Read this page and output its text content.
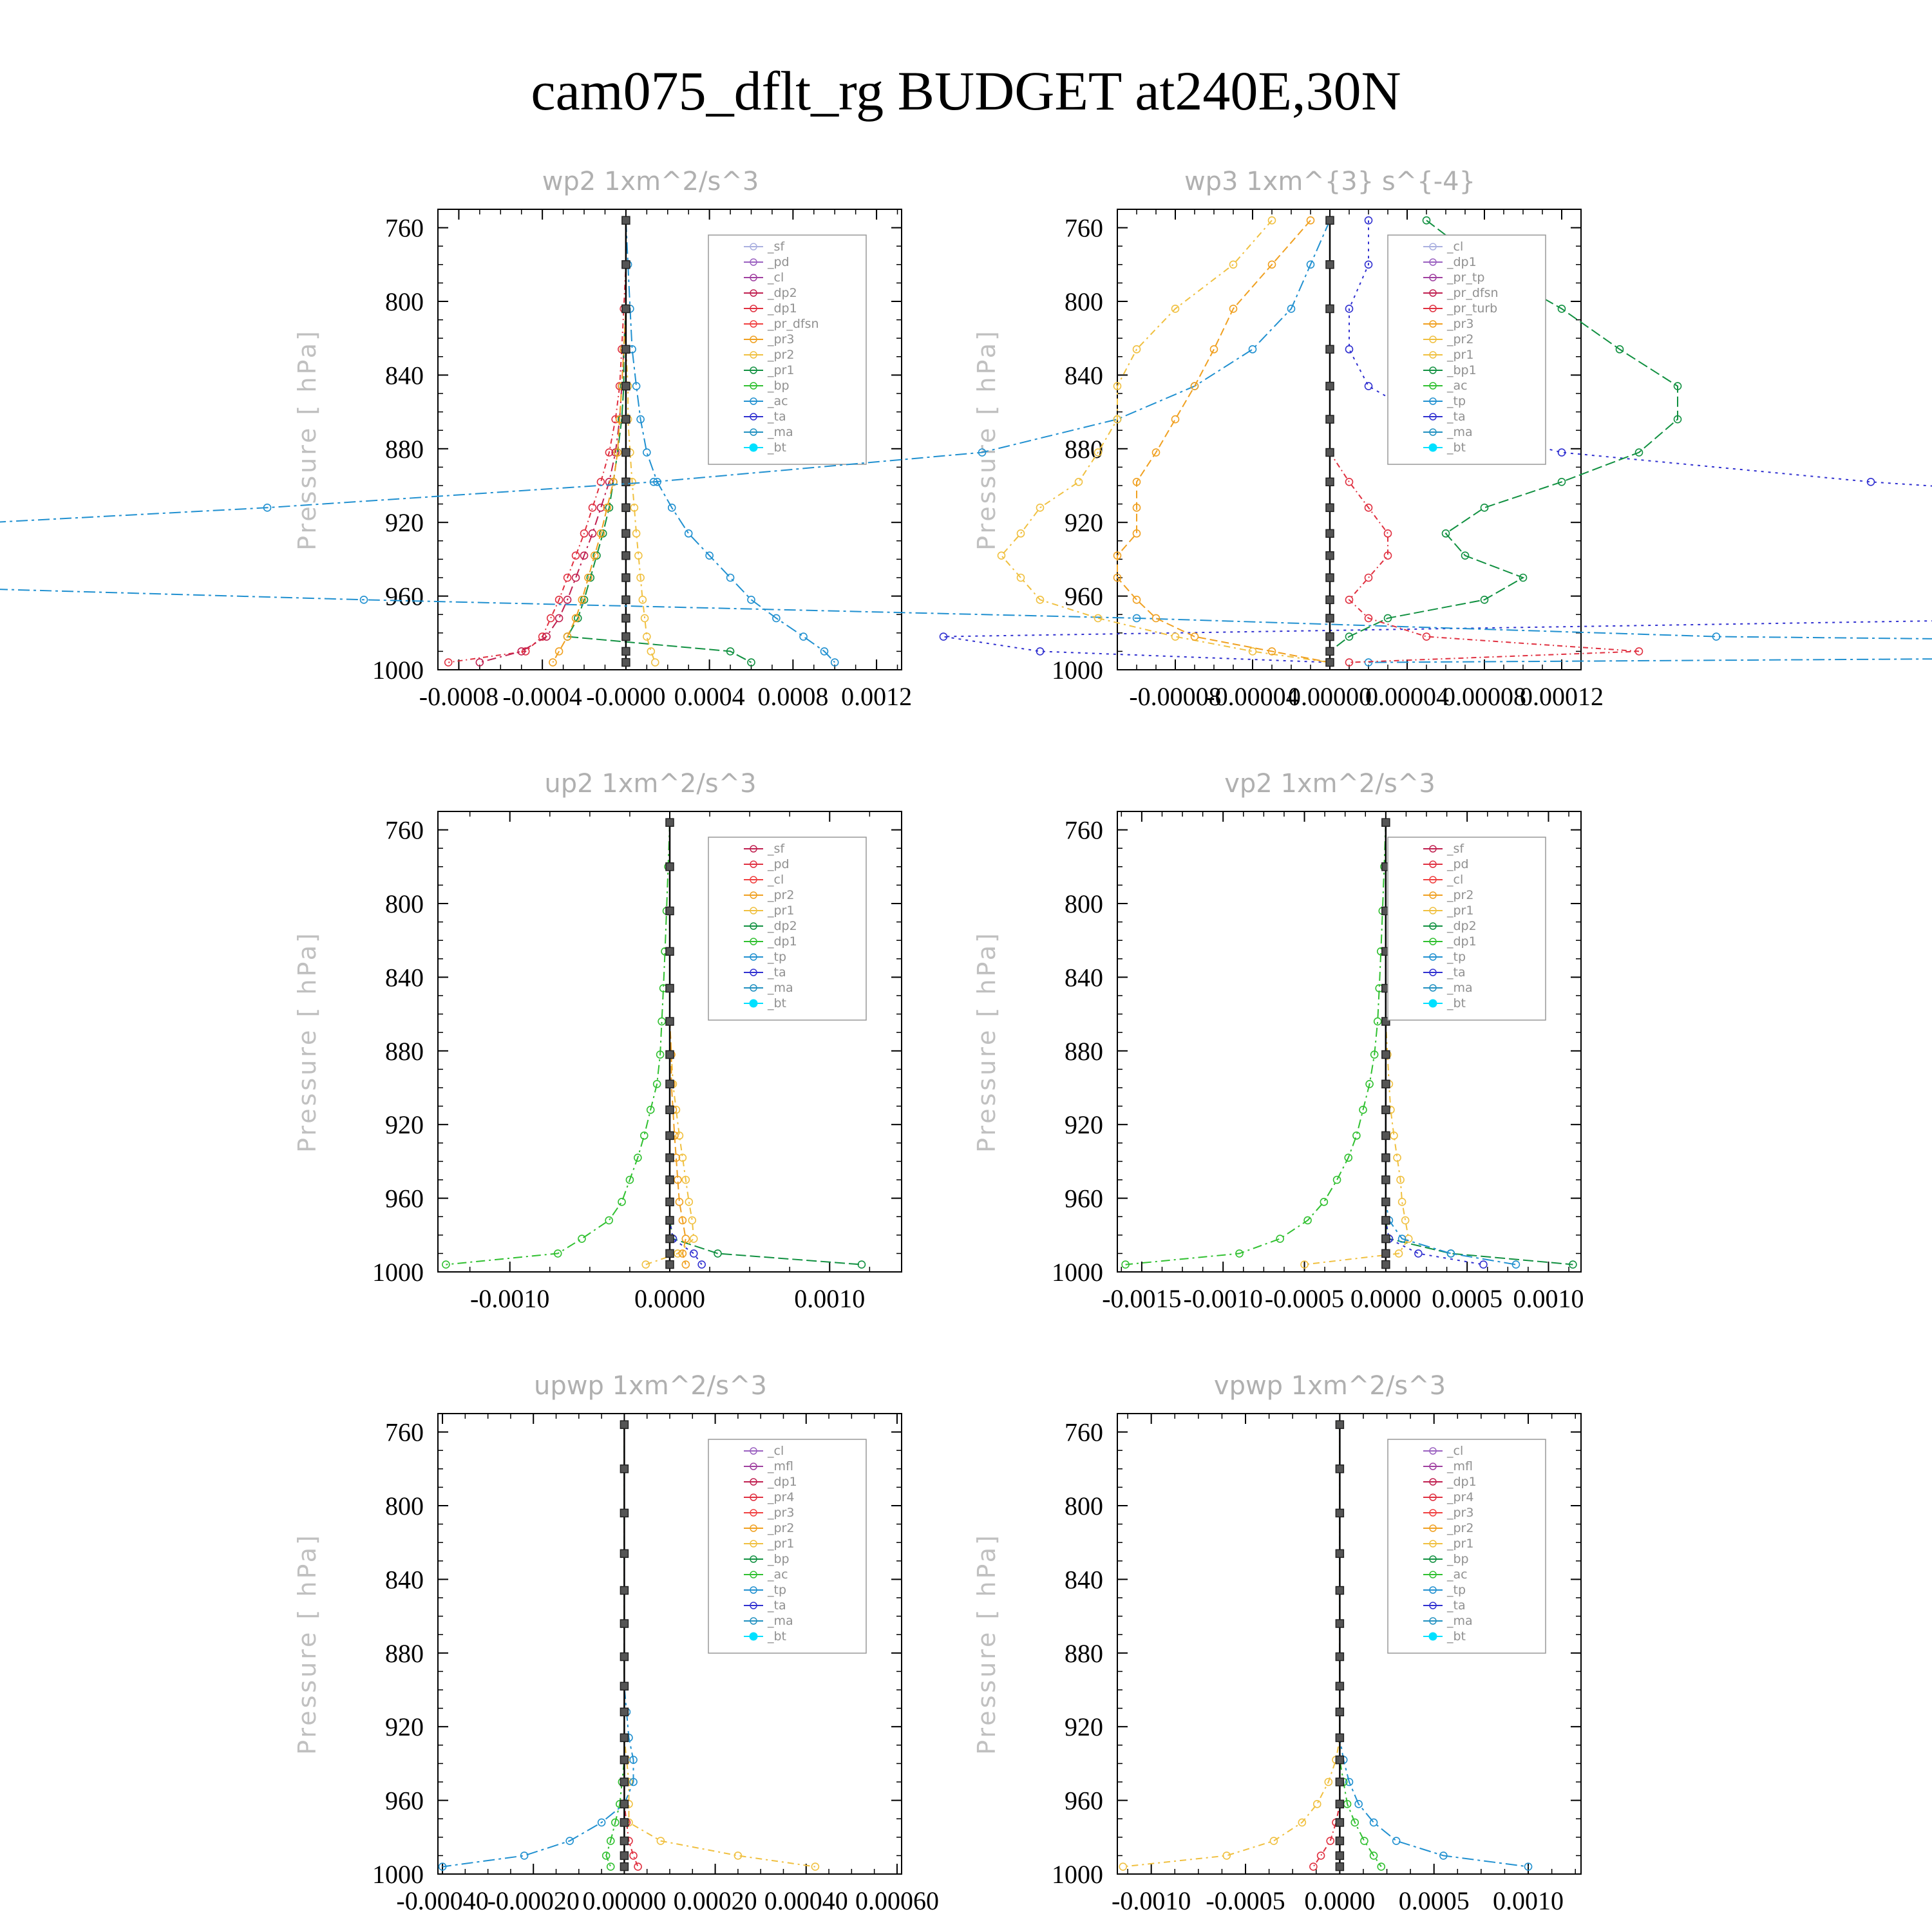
cam075_dflt_rg BUDGET at240E,30N
wp2 1xm^2/s^3
Pressure [ hPa]
760
800
840
880
920
960
1000
-0.0008 -0.0004 -0.0000 0.0004 0.0008 0.0012
_sf
_pd
_cl
_dp2
_dp1
_pr_dfsn
_pr3
_pr2
_pr1
_bp
_ac
_ta
_ma
_bt
wp3 1xm^{3} s^{-4}
Pressure [ hPa]
760
800
840
880
920
960
1000
-0.00008
-0.00004
0.00000
0.00004
0.00008
0.00012
_cl
_dp1
_pr_tp
_pr_dfsn
_pr_turb
_pr3
_pr2
_pr1
_bp1
_ac
_tp
_ta
_ma
_bt
up2 1xm^2/s^3
Pressure [ hPa]
760
800
840
880
920
960
1000
-0.0010	0.0000	0.0010
_sf
_pd
_cl
_pr2
_pr1
_dp2
_dp1
_tp
_ta
_ma
_bt
vp2 1xm^2/s^3
Pressure [ hPa]
760
800
840
880
920
960
1000
-0.0015 -0.0010 -0.0005 0.0000 0.0005 0.0010
_sf
_pd
_cl
_pr2
_pr1
_dp2
_dp1
_tp
_ta
_ma
_bt
upwp 1xm^2/s^3
Pressure [ hPa]
760
800
840
880
920
960
1000
-0.00040
-0.00020 0.00000 0.00020 0.00040 0.00060
_cl
_mfl
_dp1
_pr4
_pr3
_pr2
_pr1
_bp
_ac
_tp
_ta
_ma
_bt
vpwp 1xm^2/s^3
Pressure [ hPa]
760
800
840
880
920
960
1000
-0.0010 -0.0005 0.0000 0.0005 0.0010
_cl
_mfl
_dp1
_pr4
_pr3
_pr2
_pr1
_bp
_ac
_tp
_ta
_ma
_bt
